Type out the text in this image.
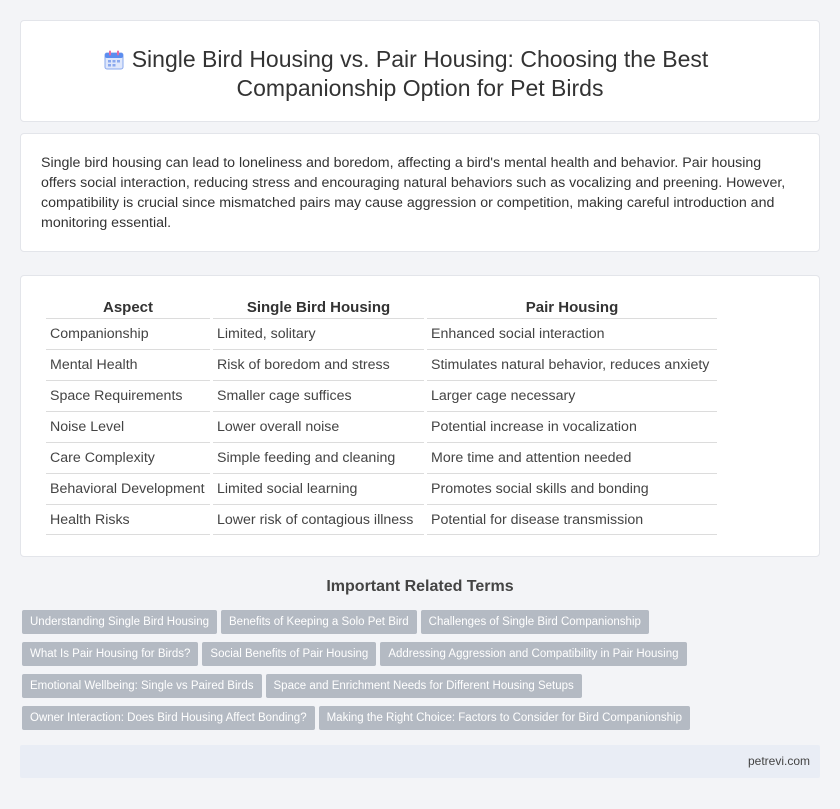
Single Bird Housing vs. Pair Housing: Choosing the Best Companionship Option for Pet Birds

Single bird housing can lead to loneliness and boredom, affecting a bird's mental health and behavior. Pair housing offers social interaction, reducing stress and encouraging natural behaviors such as vocalizing and preening. However, compatibility is crucial since mismatched pairs may cause aggression or competition, making careful introduction and monitoring essential.

Aspect	Single Bird Housing	Pair Housing
Companionship	Limited, solitary	Enhanced social interaction
Mental Health	Risk of boredom and stress	Stimulates natural behavior, reduces anxiety
Space Requirements	Smaller cage suffices	Larger cage necessary
Noise Level	Lower overall noise	Potential increase in vocalization
Care Complexity	Simple feeding and cleaning	More time and attention needed
Behavioral Development	Limited social learning	Promotes social skills and bonding
Health Risks	Lower risk of contagious illness	Potential for disease transmission
Important Related Terms
Understanding Single Bird Housing Benefits of Keeping a Solo Pet Bird Challenges of Single Bird Companionship
What Is Pair Housing for Birds? Social Benefits of Pair Housing Addressing Aggression and Compatibility in Pair Housing
Emotional Wellbeing: Single vs Paired Birds Space and Enrichment Needs for Different Housing Setups
Owner Interaction: Does Bird Housing Affect Bonding? Making the Right Choice: Factors to Consider for Bird Companionship
petrevi.com
